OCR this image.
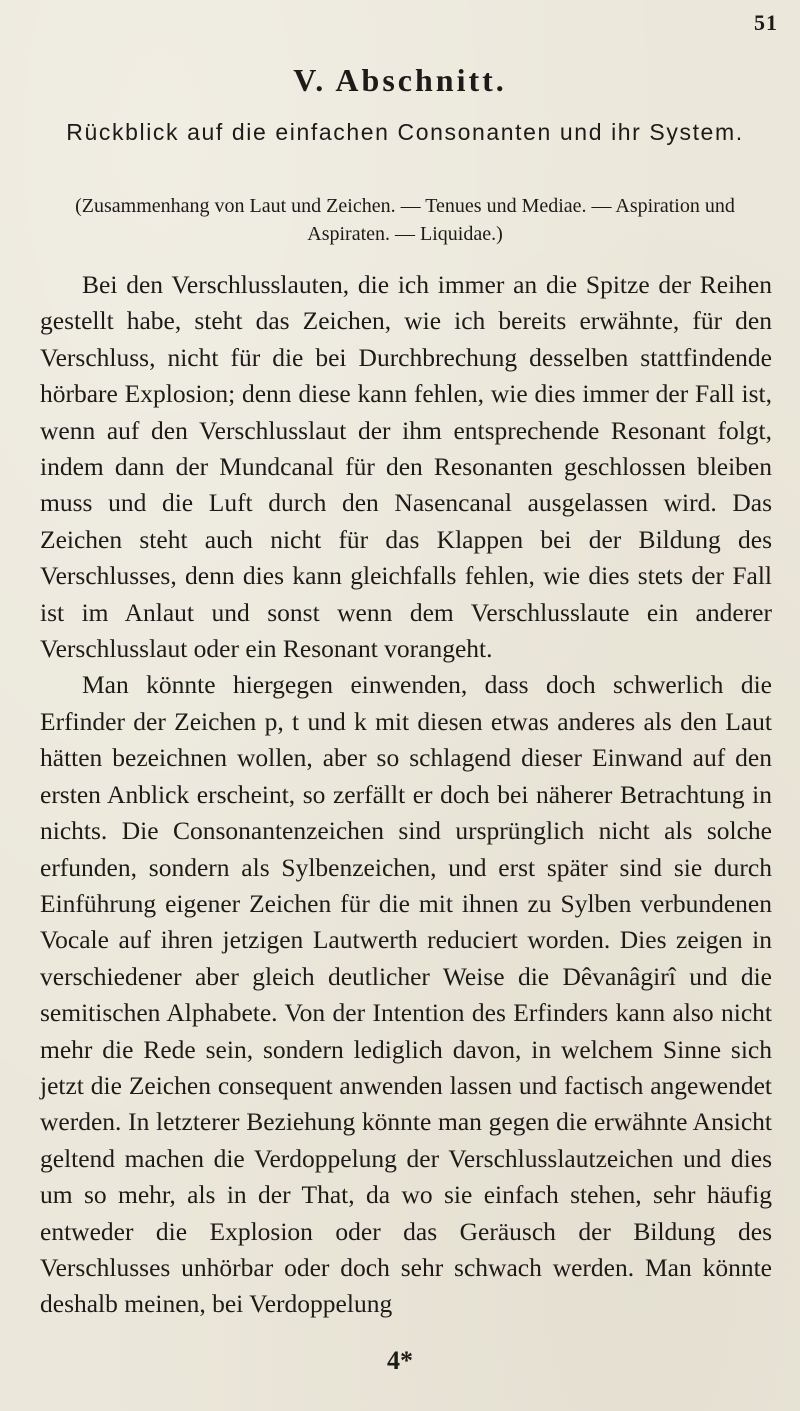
51
V. Abschnitt.
Rückblick auf die einfachen Consonanten und ihr System.
(Zusammenhang von Laut und Zeichen. — Tenues und Mediae. — Aspiration und Aspiraten. — Liquidae.)

Bei den Verschlusslauten, die ich immer an die Spitze der Reihen gestellt habe, steht das Zeichen, wie ich bereits erwähnte, für den Verschluss, nicht für die bei Durchbrechung desselben stattfindende hörbare Explosion; denn diese kann fehlen, wie dies immer der Fall ist, wenn auf den Verschlusslaut der ihm entsprechende Resonant folgt, indem dann der Mundcanal für den Resonanten geschlossen bleiben muss und die Luft durch den Nasencanal ausgelassen wird. Das Zeichen steht auch nicht für das Klappen bei der Bildung des Verschlusses, denn dies kann gleichfalls fehlen, wie dies stets der Fall ist im Anlaut und sonst wenn dem Verschlusslaute ein anderer Verschlusslaut oder ein Resonant vorangeht.

Man könnte hiergegen einwenden, dass doch schwerlich die Erfinder der Zeichen p, t und k mit diesen etwas anderes als den Laut hätten bezeichnen wollen, aber so schlagend dieser Einwand auf den ersten Anblick erscheint, so zerfällt er doch bei näherer Betrachtung in nichts. Die Consonantenzeichen sind ursprünglich nicht als solche erfunden, sondern als Sylbenzeichen, und erst später sind sie durch Einführung eigener Zeichen für die mit ihnen zu Sylben verbundenen Vocale auf ihren jetzigen Lautwerth reduciert worden. Dies zeigen in verschiedener aber gleich deutlicher Weise die Dêvanâgirî und die semitischen Alphabete. Von der Intention des Erfinders kann also nicht mehr die Rede sein, sondern lediglich davon, in welchem Sinne sich jetzt die Zeichen consequent anwenden lassen und factisch angewendet werden. In letzterer Beziehung könnte man gegen die erwähnte Ansicht geltend machen die Verdoppelung der Verschlusslautzeichen und dies um so mehr, als in der That, da wo sie einfach stehen, sehr häufig entweder die Explosion oder das Geräusch der Bildung des Verschlusses unhörbar oder doch sehr schwach werden. Man könnte deshalb meinen, bei Verdoppelung

4*
